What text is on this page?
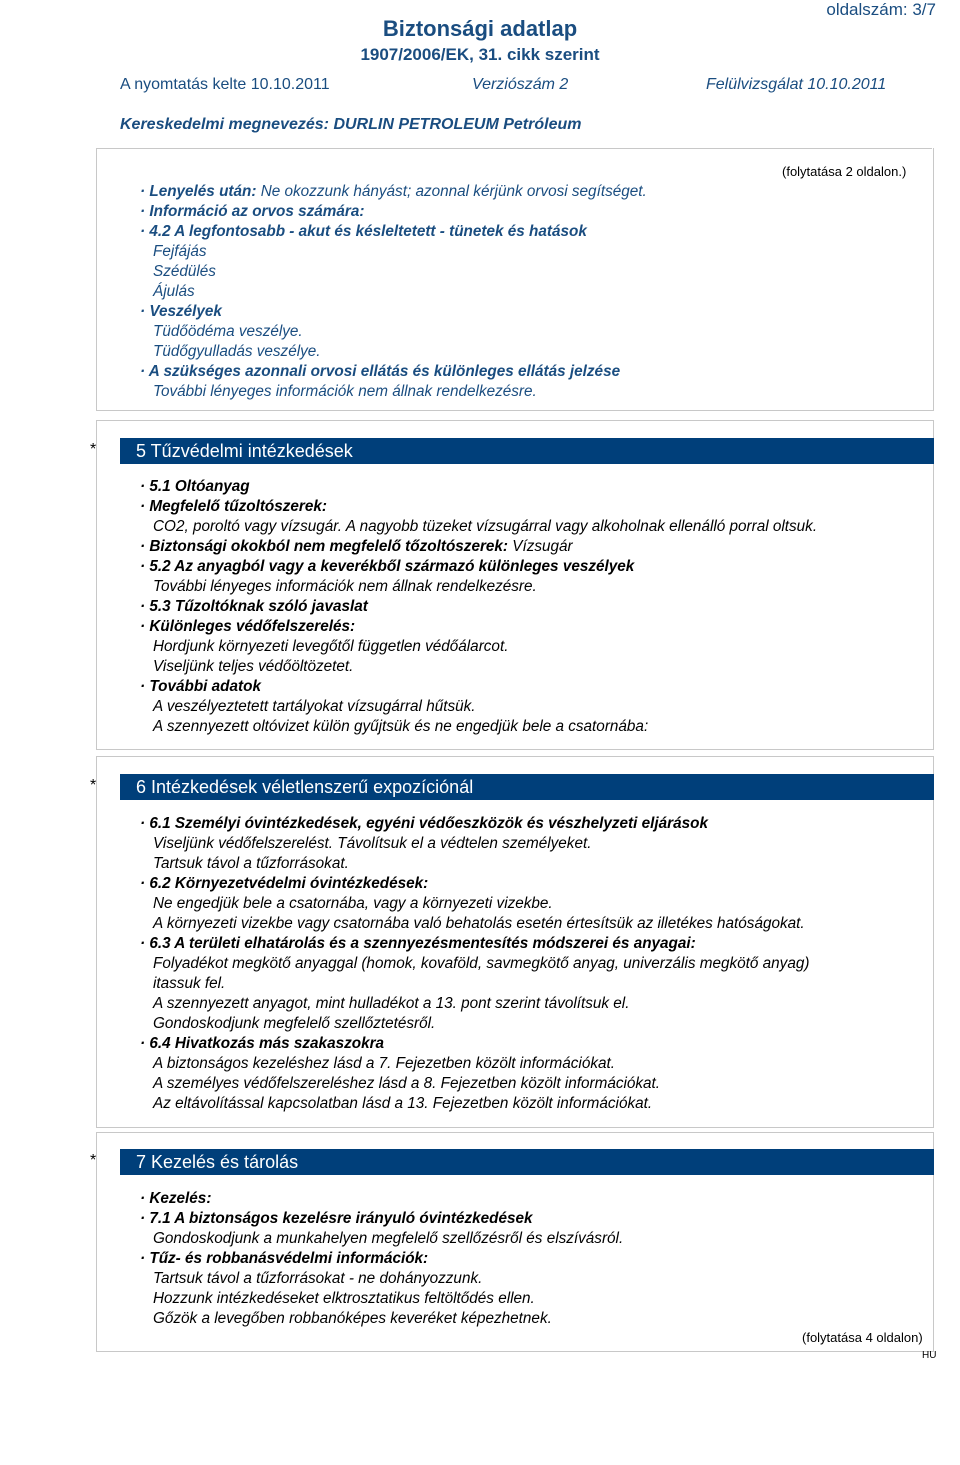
oldalszám: 3/7
Biztonsági adatlap
1907/2006/EK, 31. cikk szerint
A nyomtatás kelte 10.10.2011	Verziószám 2	Felülvizsgálat 10.10.2011
Kereskedelmi megnevezés: DURLIN PETROLEUM Petróleum
(folytatása 2 oldalon.)
· Lenyelés után: Ne okozzunk hányást; azonnal kérjünk orvosi segítséget.
· Információ az orvos számára:
· 4.2 A legfontosabb - akut és késleltetett - tünetek és hatások
Fejfájás
Szédülés
Ájulás
· Veszélyek
Tüdőödéma veszélye.
Tüdőgyulladás veszélye.
· A szükséges azonnali orvosi ellátás és különleges ellátás jelzése
További lényeges információk nem állnak rendelkezésre.
*	5 Tűzvédelmi intézkedések
· 5.1 Oltóanyag
· Megfelelő tűzoltószerek:
CO2, poroltó vagy vízsugár. A nagyobb tüzeket vízsugárral vagy alkoholnak ellenálló porral oltsuk.
· Biztonsági okokból nem megfelelő tőzoltószerek: Vízsugár
· 5.2 Az anyagból vagy a keverékből származó különleges veszélyek
További lényeges információk nem állnak rendelkezésre.
· 5.3 Tűzoltóknak szóló javaslat
· Különleges védőfelszerelés:
Hordjunk környezeti levegőtől független védőálarcot.
Viseljünk teljes védőöltözetet.
· További adatok
A veszélyeztetett tartályokat vízsugárral hűtsük.
A szennyezett oltóvizet külön gyűjtsük és ne engedjük bele a csatornába:
*	6 Intézkedések véletlenszerű expozíciónál
· 6.1 Személyi óvintézkedések, egyéni védőeszközök és vészhelyzeti eljárások
Viseljünk védőfelszerelést. Távolítsuk el a védtelen személyeket.
Tartsuk távol a tűzforrásokat.
· 6.2 Környezetvédelmi óvintézkedések:
Ne engedjük bele a csatornába, vagy a környezeti vizekbe.
A környezeti vizekbe vagy csatornába való behatolás esetén értesítsük az illetékes hatóságokat.
· 6.3 A területi elhatárolás és a szennyezésmentesítés módszerei és anyagai:
Folyadékot megkötő anyaggal (homok, kovaföld, savmegkötő anyag, univerzális megkötő anyag)
itassuk fel.
A szennyezett anyagot, mint hulladékot a 13. pont szerint távolítsuk el.
Gondoskodjunk megfelelő szellőztetésről.
· 6.4 Hivatkozás más szakaszokra
A biztonságos kezeléshez lásd a 7. Fejezetben közölt információkat.
A személyes védőfelszereléshez lásd a 8. Fejezetben közölt információkat.
Az eltávolítással kapcsolatban lásd a 13. Fejezetben közölt információkat.
*	7 Kezelés és tárolás
· Kezelés:
· 7.1 A biztonságos kezelésre irányuló óvintézkedések
Gondoskodjunk a munkahelyen megfelelő szellőzésről és elszívásról.
· Tűz- és robbanásvédelmi információk:
Tartsuk távol a tűzforrásokat - ne dohányozzunk.
Hozzunk intézkedéseket elktrosztatikus feltöltődés ellen.
Gőzök a levegőben robbanóképes keveréket képezhetnek.
(folytatása 4 oldalon)
HU
